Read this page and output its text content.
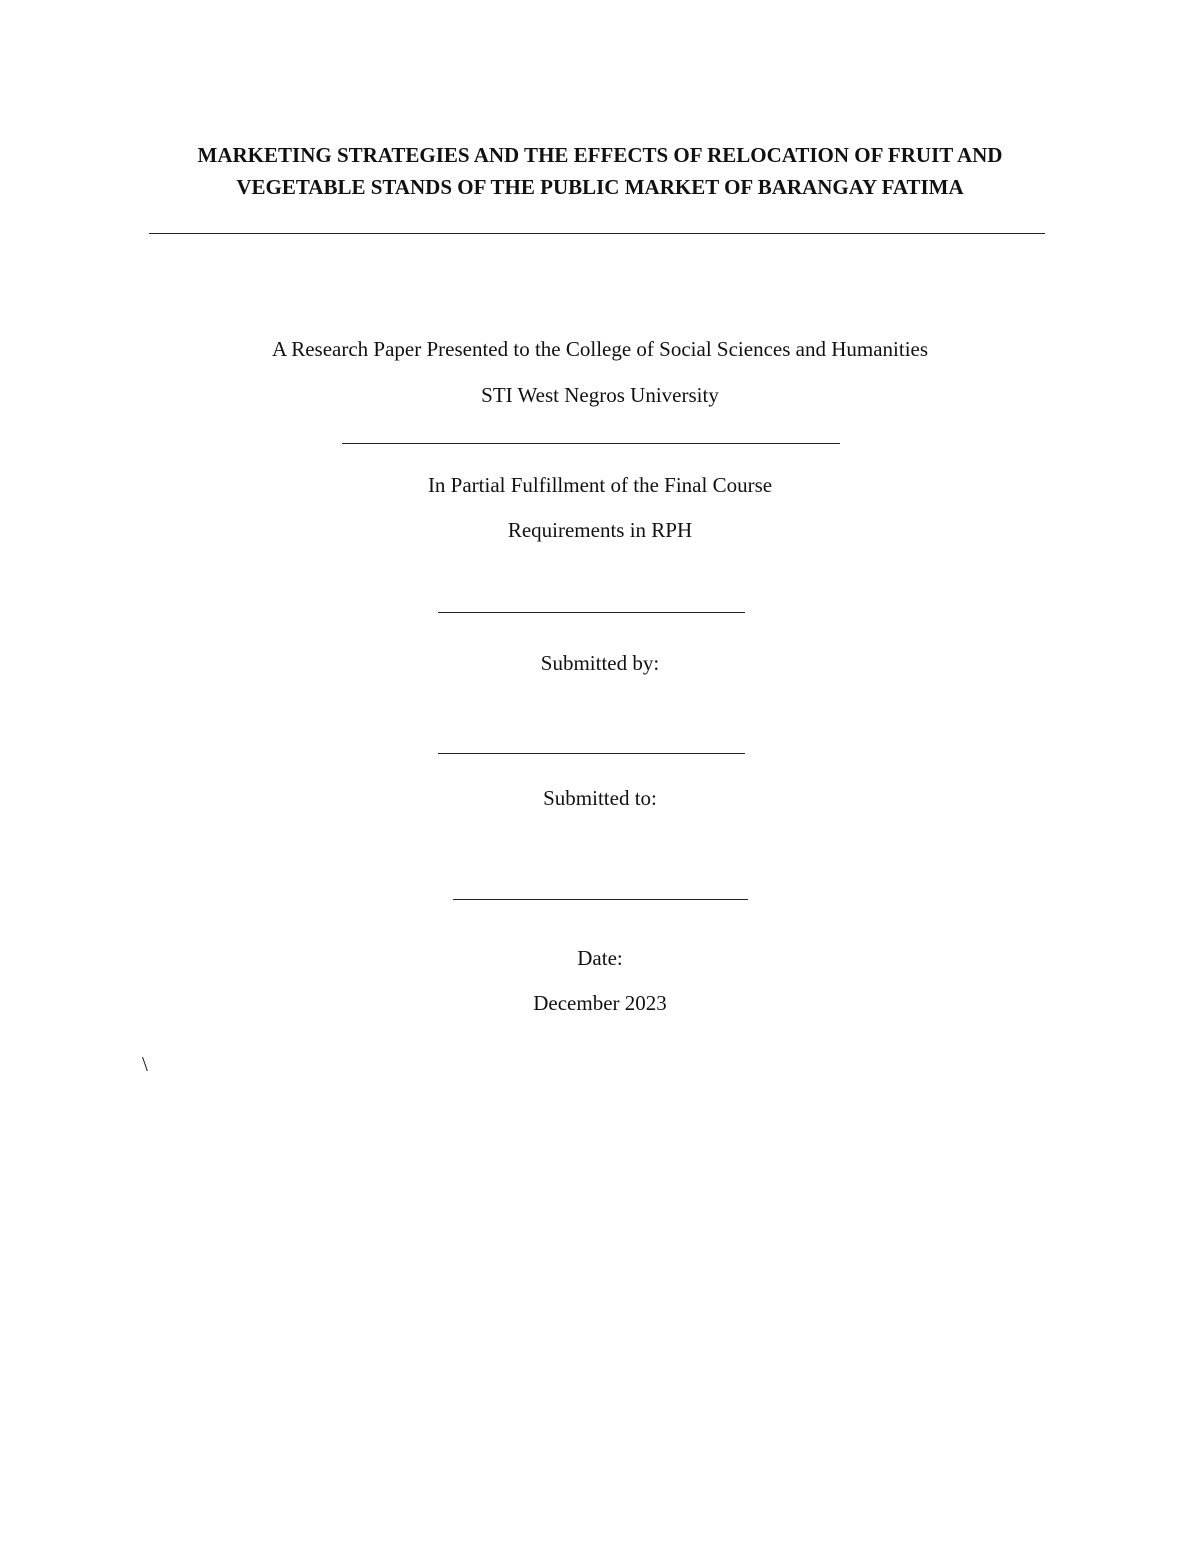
MARKETING STRATEGIES AND THE EFFECTS OF RELOCATION OF FRUIT AND
VEGETABLE STANDS OF THE PUBLIC MARKET OF BARANGAY FATIMA
A Research Paper Presented to the College of Social Sciences and Humanities
STI West Negros University
In Partial Fulfillment of the Final Course
Requirements in RPH
Submitted by:
Submitted to:
Date:
December 2023
\
